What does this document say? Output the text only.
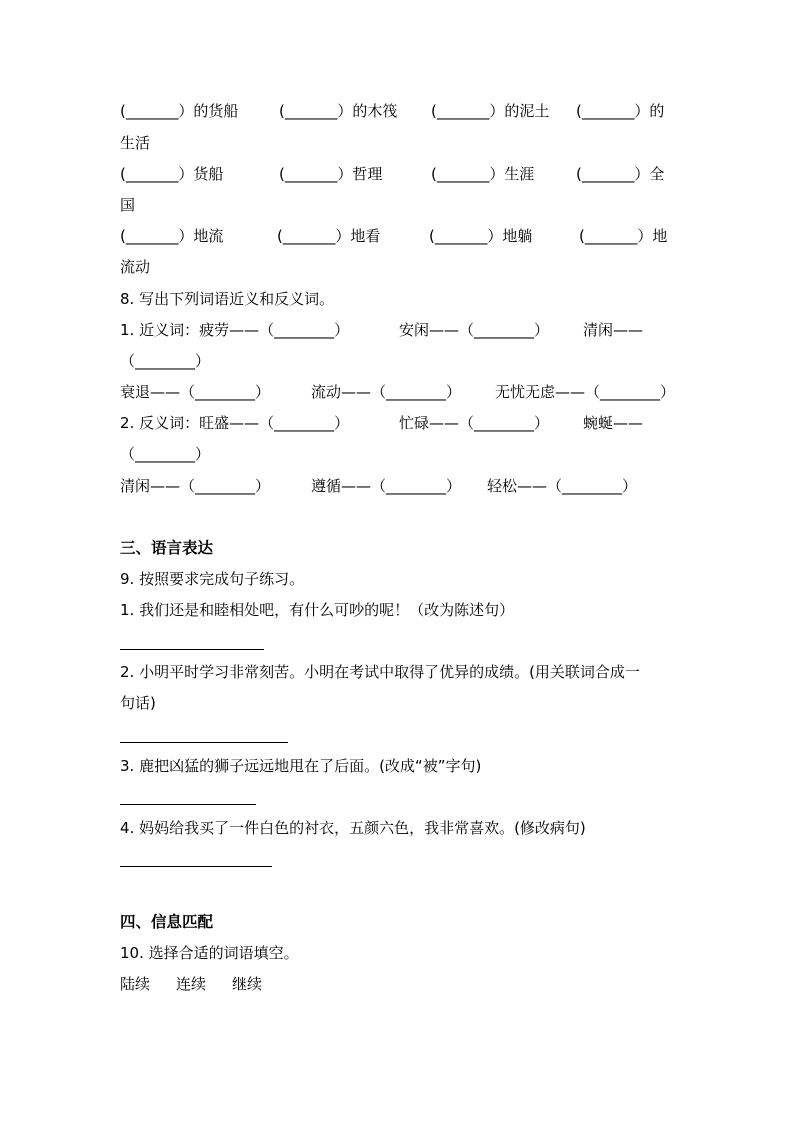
(_______）的货船	(_______）的木筏 (_______）的泥土 (_______）的
生活
(_______）货船	(_______）哲理	(_______）生涯	(_______）全
国
(_______）地流	(_______）地看	(_______）地躺	(_______）地
流动
8. 写出下列词语近义和反义词。
1. 近义词：疲劳——（________）	安闲——（________） 清闲——
（________）
衰退——（________）	流动——（________） 无忧无虑——（________）
2. 反义词：旺盛——（________）	忙碌——（________） 蜿蜒——
（________）
清闲——（________）	遵循——（________） 轻松——（________）
三、语言表达
9. 按照要求完成句子练习。
1. 我们还是和睦相处吧，有什么可吵的呢！（改为陈述句）
2. 小明平时学习非常刻苦。小明在考试中取得了优异的成绩。(用关联词合成一
句话)
3. 鹿把凶猛的狮子远远地甩在了后面。(改成“被”字句)
4. 妈妈给我买了一件白色的衬衣，五颜六色，我非常喜欢。(修改病句)
四、信息匹配
10. 选择合适的词语填空。
陆续 连续 继续
